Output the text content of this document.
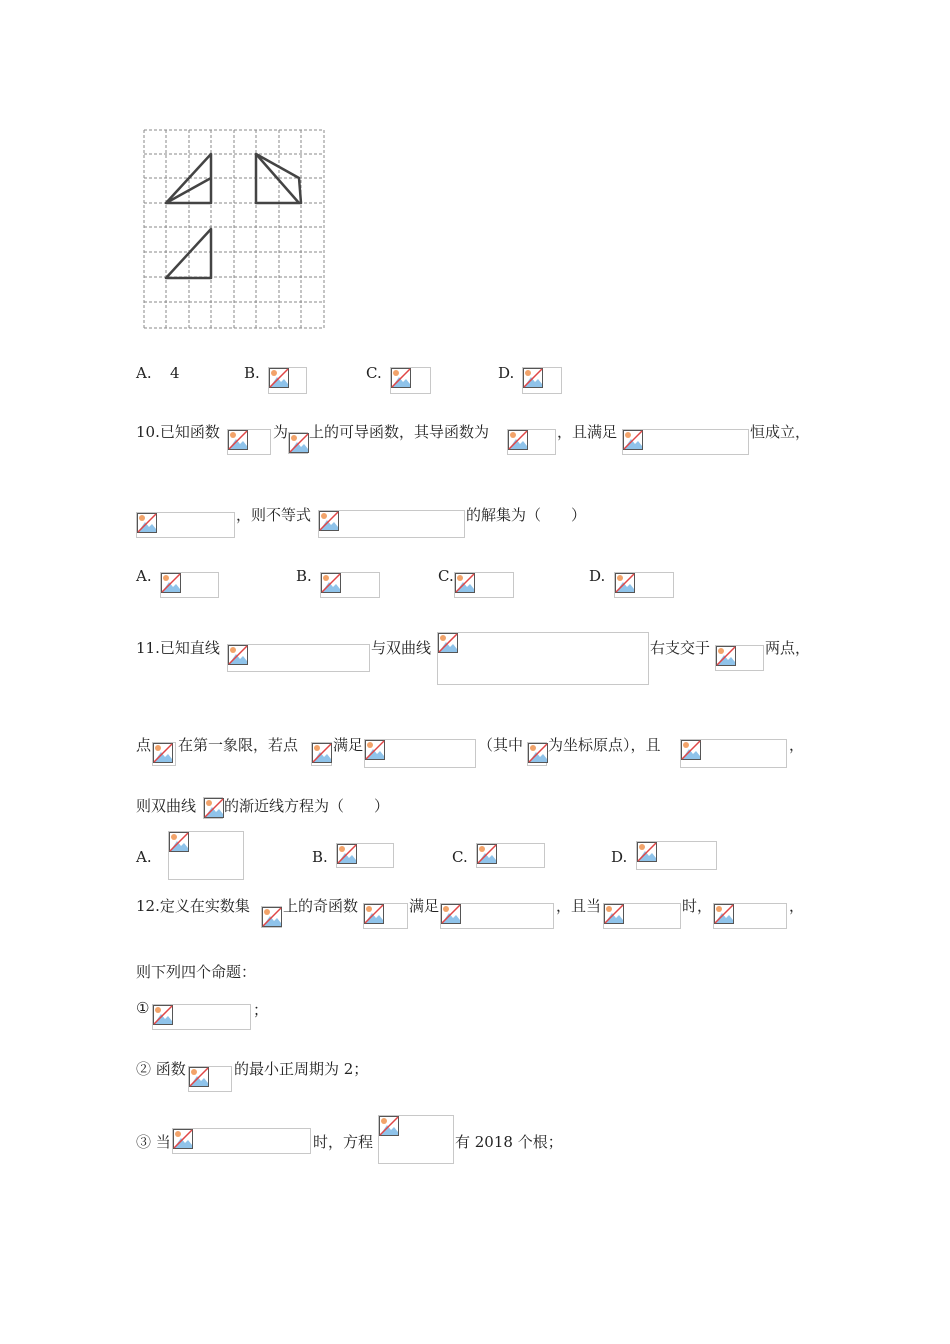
A. 4	B.	C.	D.
10.已知函数	为 上的可导函数，其导函数为	，且满足	恒成立，
，则不等式	的解集为（　　）
A.	B.	C.	D.
11.已知直线	与双曲线	右支交于	两点，
点 在第一象限，若点 满足	（其中 为坐标原点），且	，
则双曲线 的渐近线方程为（　　）
A.	B.	C.	D.
12.定义在实数集 上的奇函数	满足	，且当	时，	，
则下列四个命题：
①	；
② 函数	的最小正周期为 2；
③ 当	时，方程	有 2018 个根；
